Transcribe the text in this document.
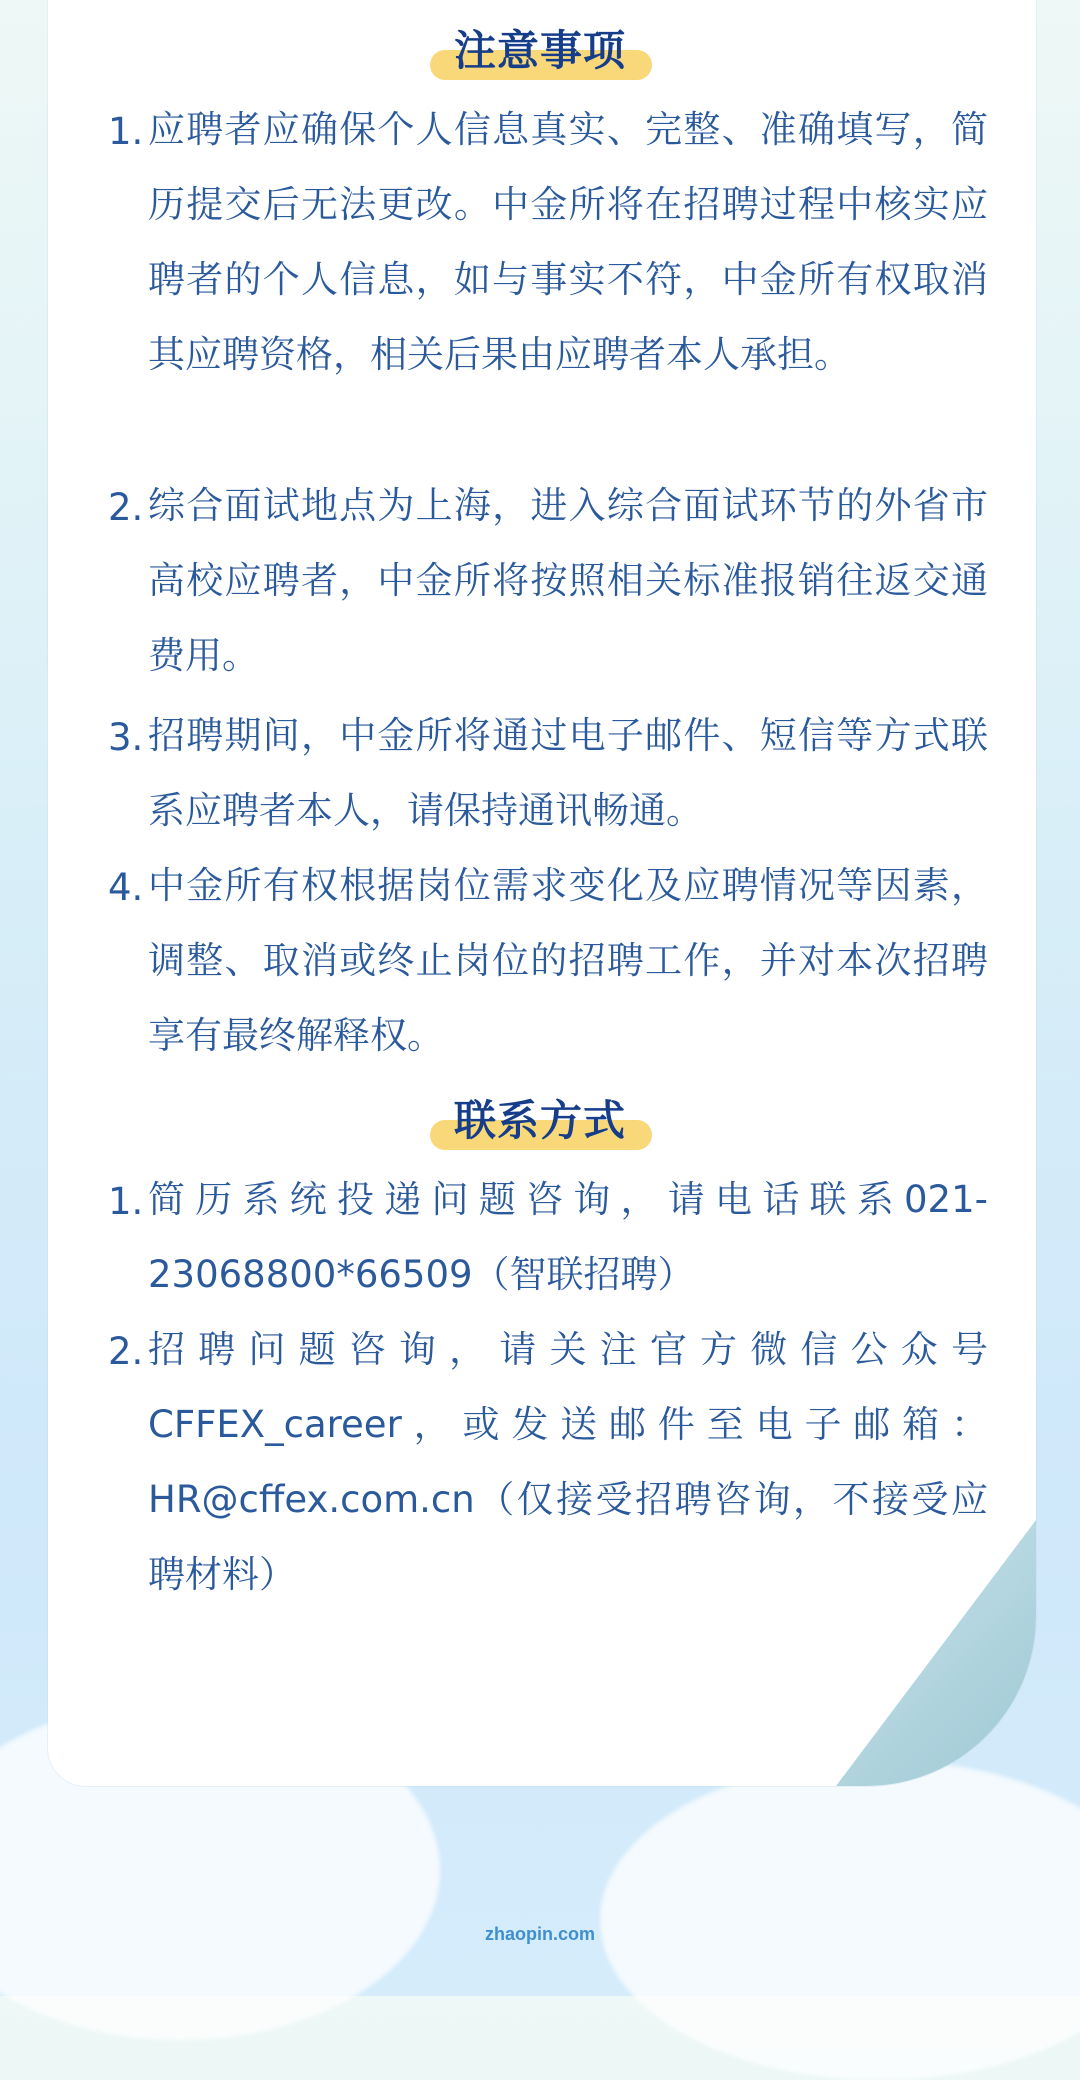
注意事项
1. 应聘者应确保个人信息真实、完整、准确填写，简历提交后无法更改。中金所将在招聘过程中核实应聘者的个人信息，如与事实不符，中金所有权取消其应聘资格，相关后果由应聘者本人承担。
2. 综合面试地点为上海，进入综合面试环节的外省市高校应聘者，中金所将按照相关标准报销往返交通费用。
3. 招聘期间，中金所将通过电子邮件、短信等方式联系应聘者本人，请保持通讯畅通。
4. 中金所有权根据岗位需求变化及应聘情况等因素，调整、取消或终止岗位的招聘工作，并对本次招聘享有最终解释权。
联系方式
1. 简历系统投递问题咨询，请电话联系021-23068800*66509（智联招聘）
2. 招聘问题咨询，请关注官方微信公众号CFFEX_career，或发送邮件至电子邮箱：HR@cffex.com.cn（仅接受招聘咨询，不接受应聘材料）
zhaopin.com
